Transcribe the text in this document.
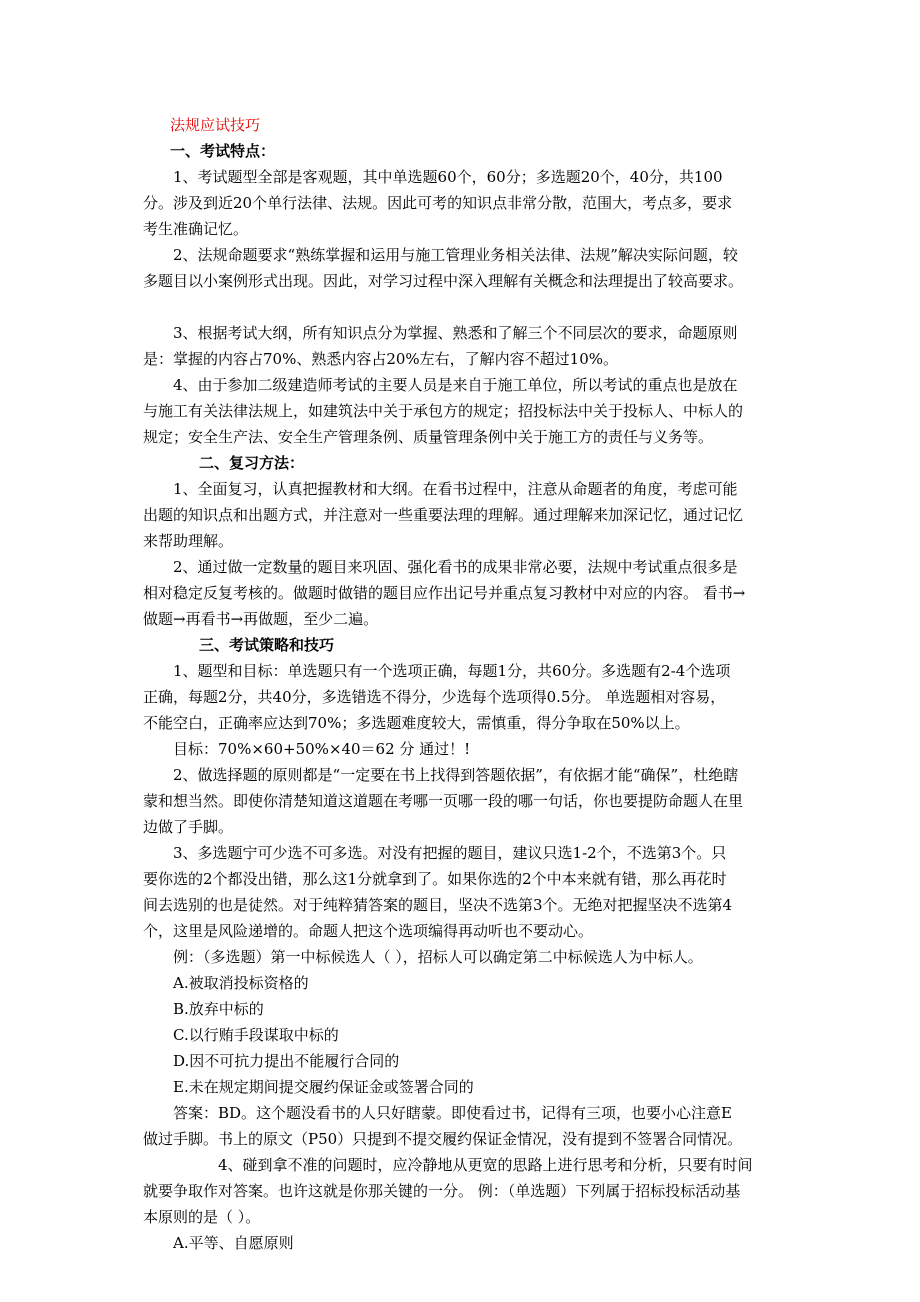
法规应试技巧
一、考试特点：

1、考试题型全部是客观题，其中单选题60个，60分；多选题20个，40分，共100
分。涉及到近20个单行法律、法规。因此可考的知识点非常分散，范围大，考点多，要求
考生准确记忆。

2、法规命题要求“熟练掌握和运用与施工管理业务相关法律、法规”解决实际问题，较
多题目以小案例形式出现。因此，对学习过程中深入理解有关概念和法理提出了较高要求。

3、根据考试大纲，所有知识点分为掌握、熟悉和了解三个不同层次的要求，命题原则
是：掌握的内容占70%、熟悉内容占20%左右，了解内容不超过10%。

4、由于参加二级建造师考试的主要人员是来自于施工单位，所以考试的重点也是放在
与施工有关法律法规上，如建筑法中关于承包方的规定；招投标法中关于投标人、中标人的
规定；安全生产法、安全生产管理条例、质量管理条例中关于施工方的责任与义务等。

二、复习方法：

1、全面复习，认真把握教材和大纲。在看书过程中，注意从命题者的角度，考虑可能
出题的知识点和出题方式，并注意对一些重要法理的理解。通过理解来加深记忆，通过记忆
来帮助理解。

2、通过做一定数量的题目来巩固、强化看书的成果非常必要，法规中考试重点很多是
相对稳定反复考核的。做题时做错的题目应作出记号并重点复习教材中对应的内容。 看书→
做题→再看书→再做题，至少二遍。

三、考试策略和技巧

1、题型和目标：单选题只有一个选项正确，每题1分，共60分。多选题有2-4个选项
正确，每题2分，共40分，多选错选不得分，少选每个选项得0.5分。 单选题相对容易，
不能空白，正确率应达到70%；多选题难度较大，需慎重，得分争取在50%以上。

目标：70%×60+50%×40＝62 分 通过！!

2、做选择题的原则都是“一定要在书上找得到答题依据”，有依据才能“确保”，杜绝瞎
蒙和想当然。即使你清楚知道这道题在考哪一页哪一段的哪一句话，你也要提防命题人在里
边做了手脚。

3、多选题宁可少选不可多选。对没有把握的题目，建议只选1-2个，不选第3个。只
要你选的2个都没出错，那么这1分就拿到了。如果你选的2个中本来就有错，那么再花时
间去选别的也是徒然。对于纯粹猜答案的题目，坚决不选第3个。无绝对把握坚决不选第4
个，这里是风险递增的。命题人把这个选项编得再动听也不要动心。

例：（多选题）第一中标候选人（ ），招标人可以确定第二中标候选人为中标人。
A.被取消投标资格的
B.放弃中标的
C.以行贿手段谋取中标的
D.因不可抗力提出不能履行合同的
E.未在规定期间提交履约保证金或签署合同的

答案：BD。这个题没看书的人只好瞎蒙。即使看过书，记得有三项，也要小心注意E
做过手脚。书上的原文（P50）只提到不提交履约保证金情况，没有提到不签署合同情况。

4、碰到拿不准的问题时，应冷静地从更宽的思路上进行思考和分析，只要有时间
就要争取作对答案。也许这就是你那关键的一分。 例：（单选题）下列属于招标投标活动基
本原则的是（ ）。

A.平等、自愿原则
